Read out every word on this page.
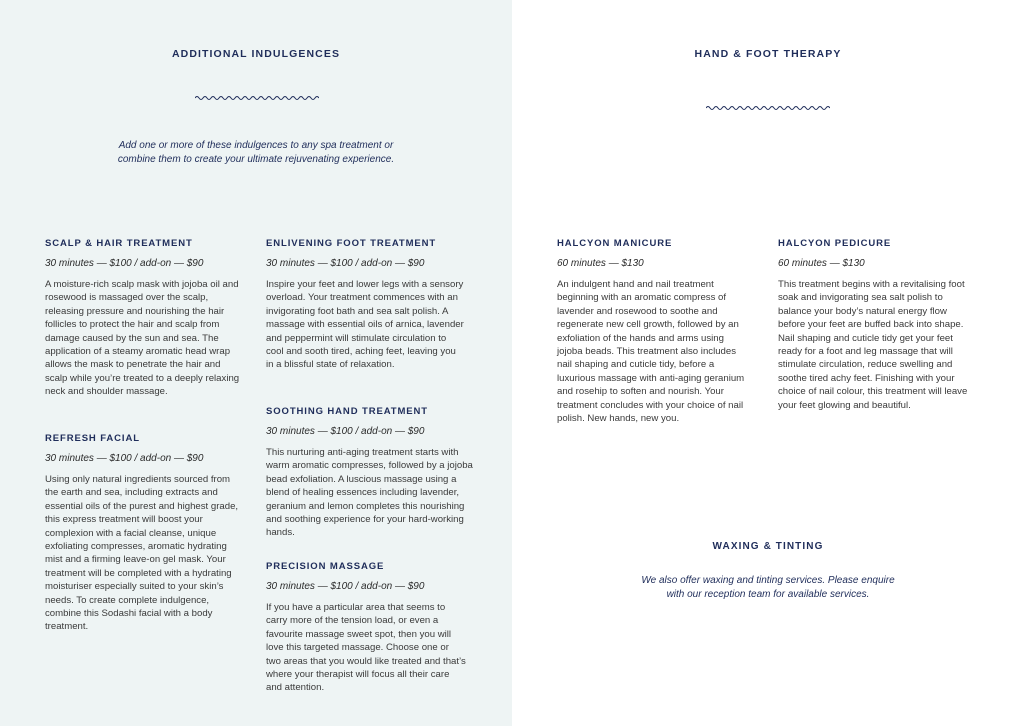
ADDITIONAL INDULGENCES
Add one or more of these indulgences to any spa treatment or combine them to create your ultimate rejuvenating experience.
SCALP & HAIR TREATMENT
30 minutes — $100 / add-on — $90

A moisture-rich scalp mask with jojoba oil and rosewood is massaged over the scalp, releasing pressure and nourishing the hair follicles to protect the hair and scalp from damage caused by the sun and sea. The application of a steamy aromatic head wrap allows the mask to penetrate the hair and scalp while you’re treated to a deeply relaxing neck and shoulder massage.

REFRESH FACIAL
30 minutes — $100 / add-on — $90

Using only natural ingredients sourced from the earth and sea, including extracts and essential oils of the purest and highest grade, this express treatment will boost your complexion with a facial cleanse, unique exfoliating compresses, aromatic hydrating mist and a firming leave-on gel mask. Your treatment will be completed with a hydrating moisturiser especially suited to your skin’s needs. To create complete indulgence, combine this Sodashi facial with a body treatment.

ENLIVENING FOOT TREATMENT
30 minutes — $100 / add-on — $90

Inspire your feet and lower legs with a sensory overload. Your treatment commences with an invigorating foot bath and sea salt polish. A massage with essential oils of arnica, lavender and peppermint will stimulate circulation to cool and sooth tired, aching feet, leaving you in a blissful state of relaxation.

SOOTHING HAND TREATMENT
30 minutes — $100 / add-on — $90

This nurturing anti-aging treatment starts with warm aromatic compresses, followed by a jojoba bead exfoliation. A luscious massage using a blend of healing essences including lavender, geranium and lemon completes this nourishing and soothing experience for your hard-working hands.

PRECISION MASSAGE
30 minutes — $100 / add-on — $90

If you have a particular area that seems to carry more of the tension load, or even a favourite massage sweet spot, then you will love this targeted massage. Choose one or two areas that you would like treated and that’s where your therapist will focus all their care and attention.

HAND & FOOT THERAPY
HALCYON MANICURE
60 minutes — $130

An indulgent hand and nail treatment beginning with an aromatic compress of lavender and rosewood to soothe and regenerate new cell growth, followed by an exfoliation of the hands and arms using jojoba beads. This treatment also includes nail shaping and cuticle tidy, before a luxurious massage with anti-aging geranium and rosehip to soften and nourish. Your treatment concludes with your choice of nail polish. New hands, new you.

HALCYON PEDICURE
60 minutes — $130

This treatment begins with a revitalising foot soak and invigorating sea salt polish to balance your body’s natural energy flow before your feet are buffed back into shape. Nail shaping and cuticle tidy get your feet ready for a foot and leg massage that will stimulate circulation, reduce swelling and soothe tired achy feet. Finishing with your choice of nail colour, this treatment will leave your feet glowing and beautiful.

WAXING & TINTING
We also offer waxing and tinting services. Please enquire with our reception team for available services.
